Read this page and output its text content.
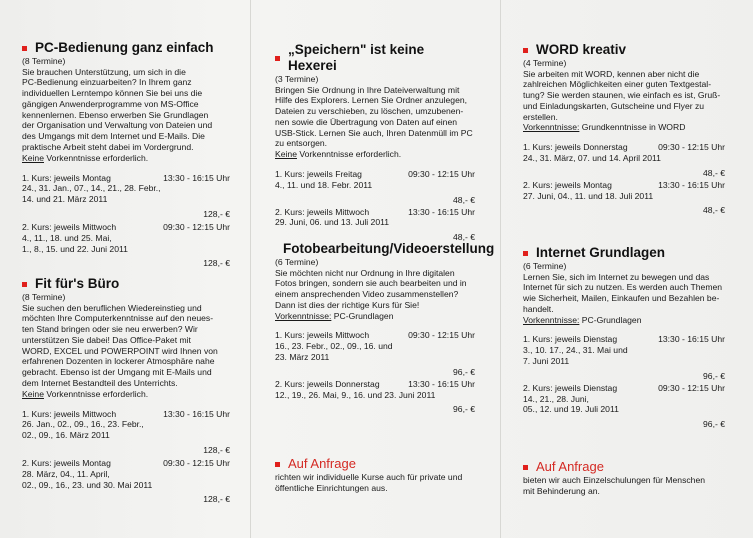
PC-Bedienung ganz einfach
(8 Termine)
Sie brauchen Unterstützung, um sich in die
PC-Bedienung einzuarbeiten? In Ihrem ganz
individuellen Lerntempo können Sie bei uns die
gängigen Anwenderprogramme von MS-Office
kennenlernen. Ebenso erwerben Sie Grundlagen
der Organisation und Verwaltung von Dateien und
des Umgangs mit dem Internet und E-Mails. Die
praktische Arbeit steht dabei im Vordergrund.
Keine Vorkenntnisse erforderlich.
1. Kurs: jeweils Montag	13:30 - 16:15 Uhr
24., 31. Jan., 07., 14., 21., 28. Febr.,
14. und 21. März 2011
128,- €
2. Kurs: jeweils Mittwoch	09:30 - 12:15 Uhr
4., 11., 18. und 25. Mai,
1., 8., 15. und 22. Juni 2011
128,- €
Fit für's Büro
(8 Termine)
Sie suchen den beruflichen Wiedereinstieg und
möchten Ihre Computerkenntnisse auf den neues-
ten Stand bringen oder sie neu erwerben? Wir
unterstützen Sie dabei! Das Office-Paket mit
WORD, EXCEL und POWERPOINT wird Ihnen von
erfahrenen Dozenten in lockerer Atmosphäre nahe
gebracht. Ebenso ist der Umgang mit E-Mails und
dem Internet Bestandteil des Unterrichts.
Keine Vorkenntnisse erforderlich.
1. Kurs: jeweils Mittwoch	13:30 - 16:15 Uhr
26. Jan., 02., 09., 16., 23. Febr.,
02., 09., 16. März 2011
128,- €
2. Kurs: jeweils Montag	09:30 - 12:15 Uhr
28. März, 04., 11. April,
02., 09., 16., 23. und 30. Mai 2011
128,- €
„Speichern" ist keine Hexerei
(3 Termine)
Bringen Sie Ordnung in Ihre Dateiverwaltung mit
Hilfe des Explorers. Lernen Sie Ordner anzulegen,
Dateien zu verschieben, zu löschen, umzubenen-
nen sowie die Übertragung von Daten auf einen
USB-Stick. Lernen Sie auch, Ihren Datenmüll im PC
zu entsorgen.
Keine Vorkenntnisse erforderlich.
1. Kurs: jeweils Freitag	09:30 - 12:15 Uhr
4., 11. und 18. Febr. 2011
48,- €
2. Kurs: jeweils Mittwoch	13:30 - 16:15 Uhr
29. Juni, 06. und 13. Juli 2011
48,- €
Fotobearbeitung/Videoerstellung
(6 Termine)
Sie möchten nicht nur Ordnung in Ihre digitalen
Fotos bringen, sondern sie auch bearbeiten und in
einem ansprechenden Video zusammenstellen?
Dann ist dies der richtige Kurs für Sie!
Vorkenntnisse: PC-Grundlagen
1. Kurs: jeweils Mittwoch	09:30 - 12:15 Uhr
16., 23. Febr., 02., 09., 16. und
23. März 2011
96,- €
2. Kurs: jeweils Donnerstag	13:30 - 16:15 Uhr
12., 19., 26. Mai, 9., 16. und 23. Juni 2011
96,- €
Auf Anfrage
richten wir individuelle Kurse auch für private und
öffentliche Einrichtungen aus.
WORD kreativ
(4 Termine)
Sie arbeiten mit WORD, kennen aber nicht die
zahlreichen Möglichkeiten einer guten Textgestal-
tung? Sie werden staunen, wie einfach es ist, Gruß-
und Einladungskarten, Gutscheine und Flyer zu
erstellen.
Vorkenntnisse: Grundkenntnisse in WORD
1. Kurs: jeweils Donnerstag	09:30 - 12:15 Uhr
24., 31. März, 07. und 14. April 2011
48,- €
2. Kurs: jeweils Montag	13:30 - 16:15 Uhr
27. Juni, 04., 11. und 18. Juli 2011
48,- €
Internet Grundlagen
(6 Termine)
Lernen Sie, sich im Internet zu bewegen und das
Internet für sich zu nutzen. Es werden auch Themen
wie Sicherheit, Mailen, Einkaufen und Bezahlen be-
handelt.
Vorkenntnisse: PC-Grundlagen
1. Kurs: jeweils Dienstag	13:30 - 16:15 Uhr
3., 10. 17., 24., 31. Mai und
7. Juni 2011
96,- €
2. Kurs: jeweils Dienstag	09:30 - 12:15 Uhr
14., 21., 28. Juni,
05., 12. und 19. Juli 2011
96,- €
Auf Anfrage
bieten wir auch Einzelschulungen für Menschen
mit Behinderung an.
